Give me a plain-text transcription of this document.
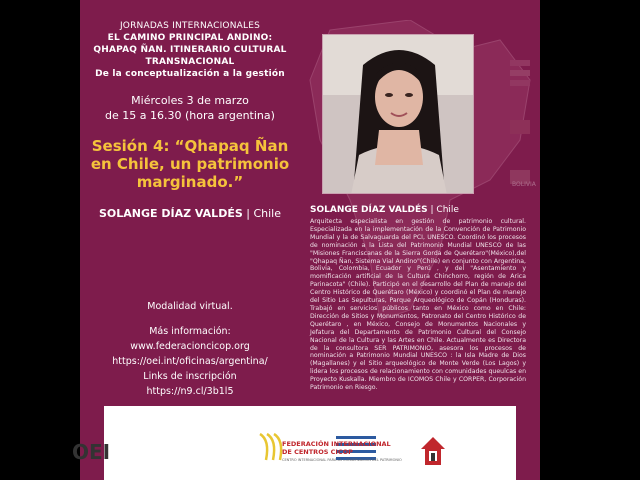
BOLIVIA
JORNADAS INTERNACIONALES
EL CAMINO PRINCIPAL ANDINO:
QHAPAQ ÑAN. ITINERARIO CULTURAL
TRANSNACIONAL
De la conceptualización a la gestión
Miércoles 3 de marzo
de 15 a 16.30 (hora argentina)
Sesión 4: “Qhapaq Ñan
en Chile, un patrimonio
marginado.”
SOLANGE DÍAZ VALDÉS | Chile
Modalidad virtual.
Más información:
www.federacioncicop.org
https://oei.int/oficinas/argentina/
Links de inscripción
https://n9.cl/3b1l5
SOLANGE DÍAZ VALDÉS | Chile
Arquitecta especialista en gestión de patrimonio cultural. Especializada en la implementación de la Convención de Patrimonio Mundial y la de Salvaguarda del PCI, UNESCO. Coordinó los procesos de nominación a la Lista del Patrimonio Mundial UNESCO de las "Misiones Franciscanas de la Sierra Gorda de Querétaro"(México),del "Qhapaq Ñan, Sistema Vial Andino"(Chile) en conjunto con Argentina, Bolivia, Colombia, Ecuador y Perú , y del "Asentamiento y momificación artificial de la Cultura Chinchorro, región de Arica Parinacota" (Chile). Participó en el desarrollo del Plan de manejo del Centro Histórico de Querétaro (México) y coordinó el Plan de manejo del Sitio Las Sepulturas, Parque Arqueológico de Copán (Honduras). Trabajó en servicios públicos tanto en México como en Chile: Dirección de Sitios y Monumentos, Patronato del Centro Histórico de Querétaro , en México, Consejo de Monumentos Nacionales y Jefatura del Departamento de Patrimonio Cultural del Consejo Nacional de la Cultura y las Artes en Chile. Actualmente es Directora de la consultora SER PATRIMONIO, asesora los procesos de nominación a Patrimonio Mundial UNESCO : la Isla Madre de Dios (Magallanes) y el Sitio arqueológico de Monte Verde (Los Lagos) y lidera los procesos de relacionamiento con comunidades queulcas en Proyecto Kuskalla. Miembro de ICOMOS Chile y CORPER, Corporación Patrimonio en Riesgo.
OEI	FEDERACIÓN INTERNACIONAL
DE CENTROS CICOP
CENTRO INTERNACIONAL PARA LA CONSERVACIÓN DEL PATRIMONIO
